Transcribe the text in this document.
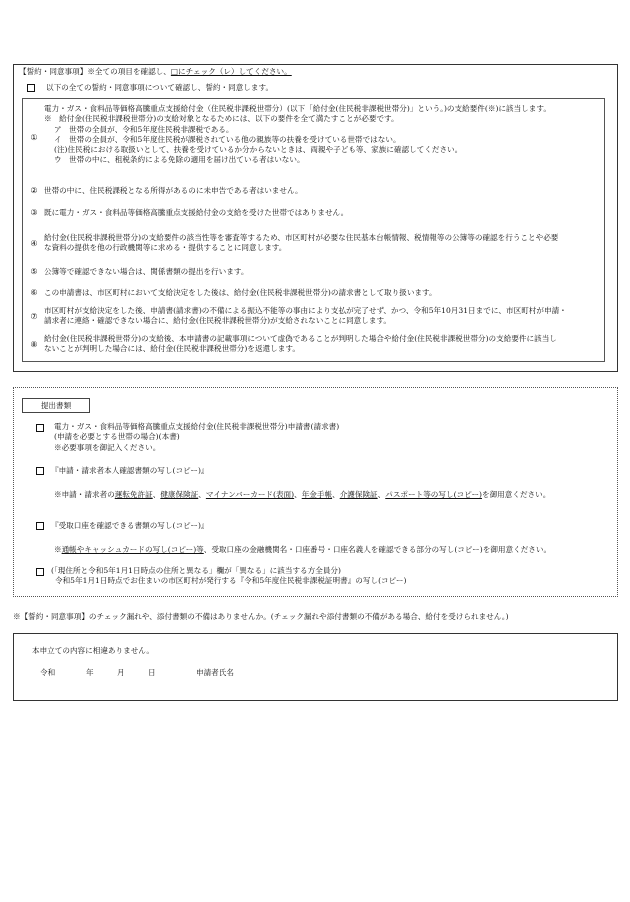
【誓約・同意事項】※全ての項目を確認し、□にチェック（レ）してください。
以下の全ての誓約・同意事項について確認し、誓約・同意します。
①
電力・ガス・食料品等価格高騰重点支援給付金（住民税非課税世帯分）(以下「給付金(住民税非課税世帯分)」という。)の支給要件(※)に該当します。
※　給付金(住民税非課税世帯分)の支給対象となるためには、以下の要件を全て満たすことが必要です。
ア　世帯の全員が、令和5年度住民税非課税である。
イ　世帯の全員が、令和5年度住民税が課税されている他の親族等の扶養を受けている世帯ではない。
(注)住民税における取扱いとして、扶養を受けているか分からないときは、両親や子ども等、家族に確認してください。
ウ　世帯の中に、租税条約による免除の適用を届け出ている者はいない。
② 世帯の中に、住民税課税となる所得があるのに未申告である者はいません。
③ 既に電力・ガス・食料品等価格高騰重点支援給付金の支給を受けた世帯ではありません。
④
給付金(住民税非課税世帯分)の支給要件の該当性等を審査等するため、市区町村が必要な住民基本台帳情報、税情報等の公簿等の確認を行うことや必要
な資料の提供を他の行政機関等に求める・提供することに同意します。
⑤ 公簿等で確認できない場合は、関係書類の提出を行います。
⑥ この申請書は、市区町村において支給決定をした後は、給付金(住民税非課税世帯分)の請求書として取り扱います。
⑦
市区町村が支給決定をした後、申請書(請求書)の不備による振込不能等の事由により支払が完了せず、かつ、令和5年10月31日までに、市区町村が申請・
請求者に連絡・確認できない場合に、給付金(住民税非課税世帯分)が支給されないことに同意します。
⑧
給付金(住民税非課税世帯分)の支給後、本申請書の記載事項について虚偽であることが判明した場合や給付金(住民税非課税世帯分)の支給要件に該当し
ないことが判明した場合には、給付金(住民税非課税世帯分)を返還します。
提出書類
電力・ガス・食料品等価格高騰重点支援給付金(住民税非課税世帯分)申請書(請求書)
(申請を必要とする世帯の場合)(本書)
※必要事項を御記入ください。
『申請・請求者本人確認書類の写し(コピー)』
※申請・請求者の運転免許証、健康保険証、マイナンバーカード(表面)、年金手帳、介護保険証、パスポート等の写し(コピー)を御用意ください。
『受取口座を確認できる書類の写し(コピー)』
※通帳やキャッシュカードの写し(コピー)等、受取口座の金融機関名・口座番号・口座名義人を確認できる部分の写し(コピー)を御用意ください。
(「現住所と令和5年1月1日時点の住所と異なる」欄が「異なる」に該当する方全員分)
令和5年1月1日時点でお住まいの市区町村が発行する『令和5年度住民税非課税証明書』の写し(コピー)
※【誓約・同意事項】のチェック漏れや、添付書類の不備はありませんか。(チェック漏れや添付書類の不備がある場合、給付を受けられません。)
本申立ての内容に相違ありません。
令和	年	月	日	申請者氏名
